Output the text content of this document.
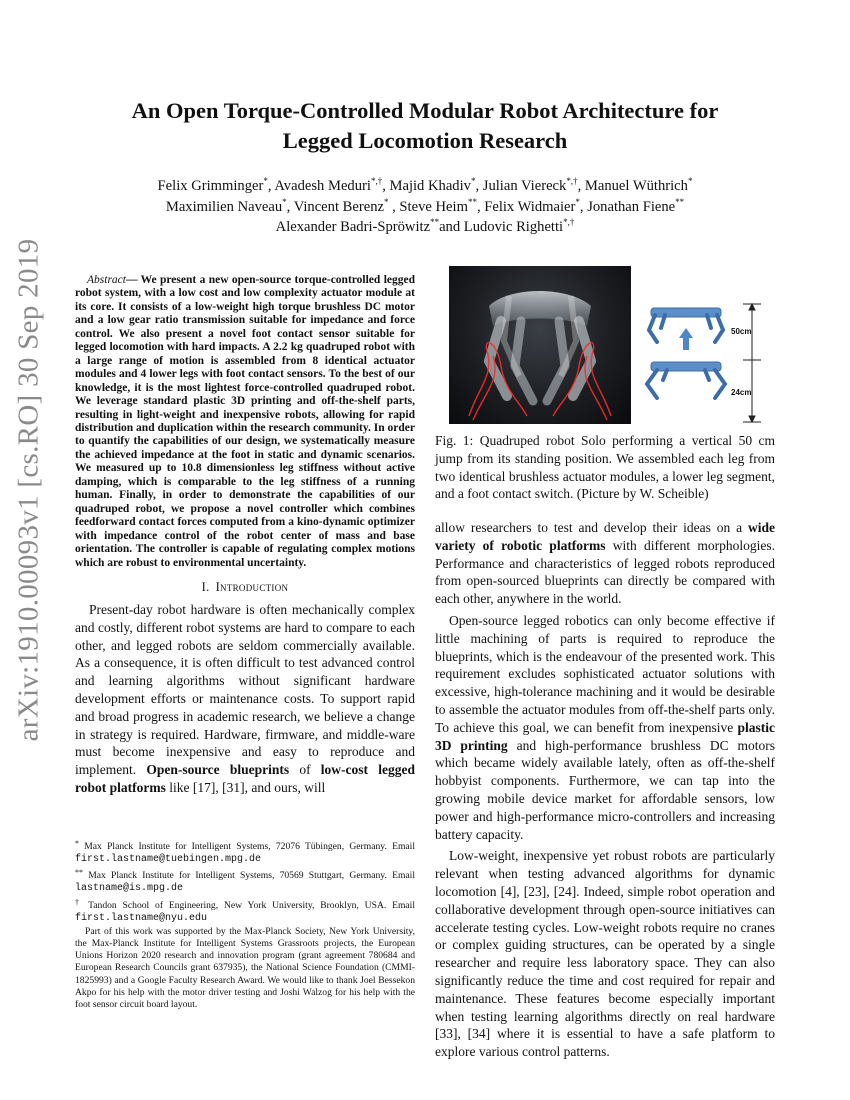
arXiv:1910.00093v1 [cs.RO] 30 Sep 2019
An Open Torque-Controlled Modular Robot Architecture for
Legged Locomotion Research
Felix Grimminger*, Avadesh Meduri*,†, Majid Khadiv*, Julian Viereck*,†, Manuel Wüthrich*
Maximilien Naveau*, Vincent Berenz* , Steve Heim**, Felix Widmaier*, Jonathan Fiene**
Alexander Badri-Spröwitz**and Ludovic Righetti*,†

Abstract— We present a new open-source torque-controlled legged robot system, with a low cost and low complexity actuator module at its core. It consists of a low-weight high torque brushless DC motor and a low gear ratio transmission suitable for impedance and force control. We also present a novel foot contact sensor suitable for legged locomotion with hard impacts. A 2.2 kg quadruped robot with a large range of motion is assembled from 8 identical actuator modules and 4 lower legs with foot contact sensors. To the best of our knowledge, it is the most lightest force-controlled quadruped robot. We leverage standard plastic 3D printing and off-the-shelf parts, resulting in light-weight and inexpensive robots, allowing for rapid distribution and duplication within the research community. In order to quantify the capabilities of our design, we systematically measure the achieved impedance at the foot in static and dynamic scenarios. We measured up to 10.8 dimensionless leg stiffness without active damping, which is comparable to the leg stiffness of a running human. Finally, in order to demonstrate the capabilities of our quadruped robot, we propose a novel controller which combines feedforward contact forces computed from a kino-dynamic optimizer with impedance control of the robot center of mass and base orientation. The controller is capable of regulating complex motions which are robust to environmental uncertainty.

I. Introduction

Present-day robot hardware is often mechanically complex and costly, different robot systems are hard to compare to each other, and legged robots are seldom commercially available. As a consequence, it is often difficult to test advanced control and learning algorithms without significant hardware development efforts or maintenance costs. To support rapid and broad progress in academic research, we believe a change in strategy is required. Hardware, firmware, and middle-ware must become inexpensive and easy to reproduce and implement. Open-source blueprints of low-cost legged robot platforms like [17], [31], and ours, will

* Max Planck Institute for Intelligent Systems, 72076 Tübingen, Germany. Email first.lastname@tuebingen.mpg.de

** Max Planck Institute for Intelligent Systems, 70569 Stuttgart, Germany. Email lastname@is.mpg.de

† Tandon School of Engineering, New York University, Brooklyn, USA. Email first.lastname@nyu.edu

Part of this work was supported by the Max-Planck Society, New York University, the Max-Planck Institute for Intelligent Systems Grassroots projects, the European Unions Horizon 2020 research and innovation program (grant agreement 780684 and European Research Councils grant 637935), the National Science Foundation (CMMI-1825993) and a Google Faculty Research Award. We would like to thank Joel Bessekon Akpo for his help with the motor driver testing and Joshi Walzog for his help with the foot sensor circuit board layout.

50cm
24cm
Fig. 1: Quadruped robot Solo performing a vertical 50 cm jump from its standing position. We assembled each leg from two identical brushless actuator modules, a lower leg segment, and a foot contact switch. (Picture by W. Scheible)

allow researchers to test and develop their ideas on a wide variety of robotic platforms with different morphologies. Performance and characteristics of legged robots reproduced from open-sourced blueprints can directly be compared with each other, anywhere in the world.

Open-source legged robotics can only become effective if little machining of parts is required to reproduce the blueprints, which is the endeavour of the presented work. This requirement excludes sophisticated actuator solutions with excessive, high-tolerance machining and it would be desirable to assemble the actuator modules from off-the-shelf parts only. To achieve this goal, we can benefit from inexpensive plastic 3D printing and high-performance brushless DC motors which became widely available lately, often as off-the-shelf hobbyist components. Furthermore, we can tap into the growing mobile device market for affordable sensors, low power and high-performance micro-controllers and increasing battery capacity.

Low-weight, inexpensive yet robust robots are particularly relevant when testing advanced algorithms for dynamic locomotion [4], [23], [24]. Indeed, simple robot operation and collaborative development through open-source initiatives can accelerate testing cycles. Low-weight robots require no cranes or complex guiding structures, can be operated by a single researcher and require less laboratory space. They can also significantly reduce the time and cost required for repair and maintenance. These features become especially important when testing learning algorithms directly on real hardware [33], [34] where it is essential to have a safe platform to explore various control patterns.
